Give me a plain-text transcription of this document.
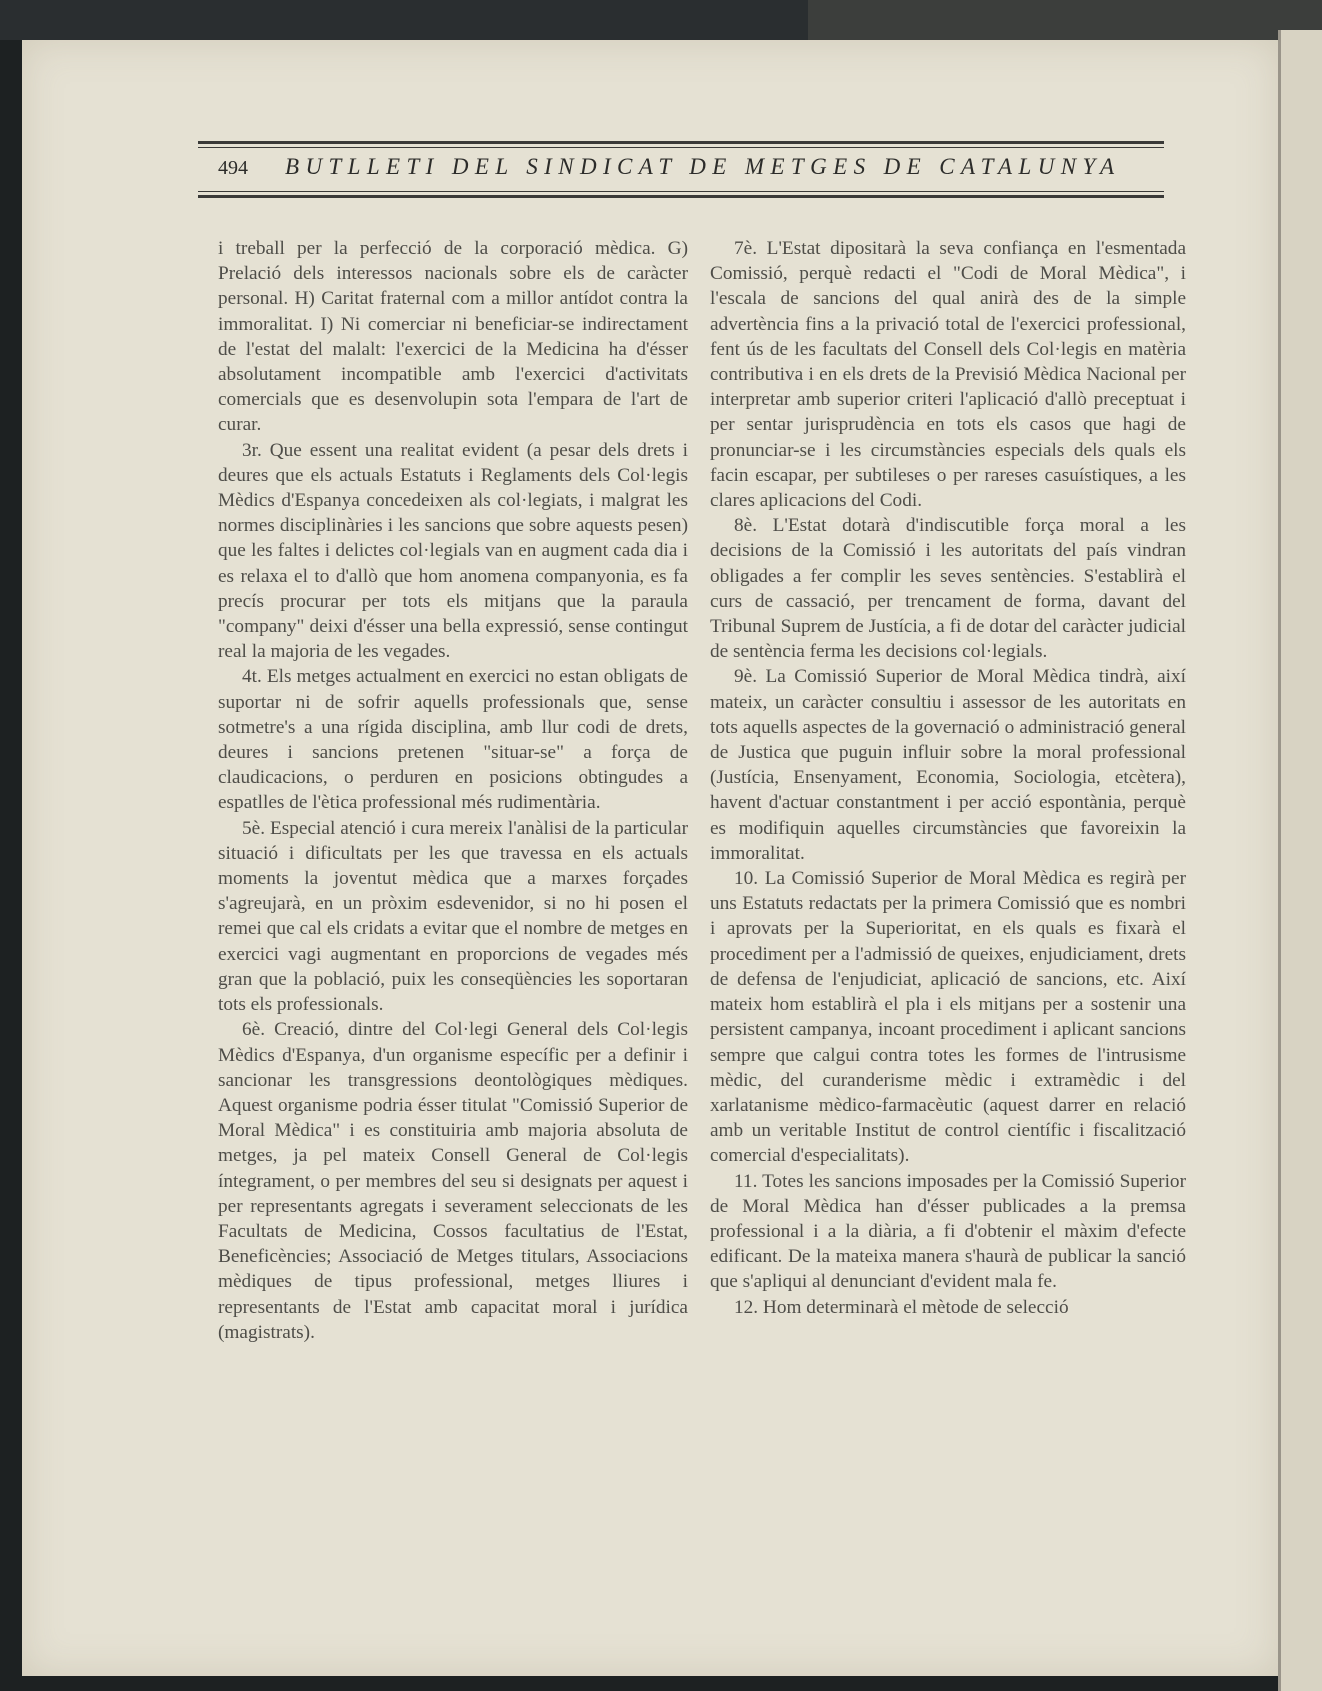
494	BUTLLETI DEL SINDICAT DE METGES DE CATALUNYA

i treball per la perfecció de la corporació mèdica. G) Prelació dels interessos nacionals sobre els de caràcter personal. H) Caritat fraternal com a millor antídot contra la immoralitat. I) Ni comerciar ni beneficiar-se indirectament de l'estat del malalt: l'exercici de la Medicina ha d'ésser absolutament incompatible amb l'exercici d'activitats comercials que es desenvolupin sota l'empara de l'art de curar.

3r. Que essent una realitat evident (a pesar dels drets i deures que els actuals Estatuts i Reglaments dels Col·legis Mèdics d'Espanya concedeixen als col·legiats, i malgrat les normes disciplinàries i les sancions que sobre aquests pesen) que les faltes i delictes col·legials van en augment cada dia i es relaxa el to d'allò que hom anomena companyonia, es fa precís procurar per tots els mitjans que la paraula "company" deixi d'ésser una bella expressió, sense contingut real la majoria de les vegades.

4t. Els metges actualment en exercici no estan obligats de suportar ni de sofrir aquells professionals que, sense sotmetre's a una rígida disciplina, amb llur codi de drets, deures i sancions pretenen "situar-se" a força de claudicacions, o perduren en posicions obtingudes a espatlles de l'ètica professional més rudimentària.

5è. Especial atenció i cura mereix l'anàlisi de la particular situació i dificultats per les que travessa en els actuals moments la joventut mèdica que a marxes forçades s'agreujarà, en un pròxim esdevenidor, si no hi posen el remei que cal els cridats a evitar que el nombre de metges en exercici vagi augmentant en proporcions de vegades més gran que la població, puix les conseqüències les soportaran tots els professionals.

6è. Creació, dintre del Col·legi General dels Col·legis Mèdics d'Espanya, d'un organisme específic per a definir i sancionar les transgressions deontològiques mèdiques. Aquest organisme podria ésser titulat "Comissió Superior de Moral Mèdica" i es constituiria amb majoria absoluta de metges, ja pel mateix Consell General de Col·legis íntegrament, o per membres del seu si designats per aquest i per representants agregats i severament seleccionats de les Facultats de Medicina, Cossos facultatius de l'Estat, Beneficències; Associació de Metges titulars, Associacions mèdiques de tipus professional, metges lliures i representants de l'Estat amb capacitat moral i jurídica (magistrats).

7è. L'Estat dipositarà la seva confiança en l'esmentada Comissió, perquè redacti el "Codi de Moral Mèdica", i l'escala de sancions del qual anirà des de la simple advertència fins a la privació total de l'exercici professional, fent ús de les facultats del Consell dels Col·legis en matèria contributiva i en els drets de la Previsió Mèdica Nacional per interpretar amb superior criteri l'aplicació d'allò preceptuat i per sentar jurisprudència en tots els casos que hagi de pronunciar-se i les circumstàncies especials dels quals els facin escapar, per subtileses o per rareses casuístiques, a les clares aplicacions del Codi.

8è. L'Estat dotarà d'indiscutible força moral a les decisions de la Comissió i les autoritats del país vindran obligades a fer complir les seves sentències. S'establirà el curs de cassació, per trencament de forma, davant del Tribunal Suprem de Justícia, a fi de dotar del caràcter judicial de sentència ferma les decisions col·legials.

9è. La Comissió Superior de Moral Mèdica tindrà, així mateix, un caràcter consultiu i assessor de les autoritats en tots aquells aspectes de la governació o administració general de Justica que puguin influir sobre la moral professional (Justícia, Ensenyament, Economia, Sociologia, etcètera), havent d'actuar constantment i per acció espontània, perquè es modifiquin aquelles circumstàncies que favoreixin la immoralitat.

10. La Comissió Superior de Moral Mèdica es regirà per uns Estatuts redactats per la primera Comissió que es nombri i aprovats per la Superioritat, en els quals es fixarà el procediment per a l'admissió de queixes, enjudiciament, drets de defensa de l'enjudiciat, aplicació de sancions, etc. Així mateix hom establirà el pla i els mitjans per a sostenir una persistent campanya, incoant procediment i aplicant sancions sempre que calgui contra totes les formes de l'intrusisme mèdic, del curanderisme mèdic i extramèdic i del xarlatanisme mèdico-farmacèutic (aquest darrer en relació amb un veritable Institut de control científic i fiscalització comercial d'especialitats).

11. Totes les sancions imposades per la Comissió Superior de Moral Mèdica han d'ésser publicades a la premsa professional i a la diària, a fi d'obtenir el màxim d'efecte edificant. De la mateixa manera s'haurà de publicar la sanció que s'apliqui al denunciant d'evident mala fe.

12. Hom determinarà el mètode de selecció
